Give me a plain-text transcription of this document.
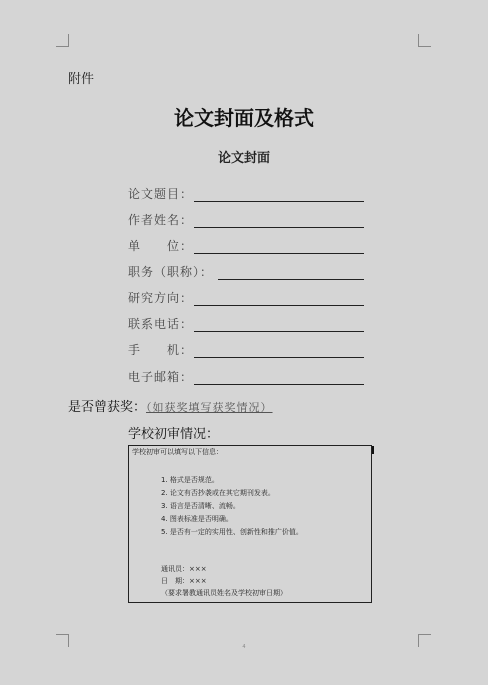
附件
论文封面及格式
论文封面
论文题目：
作者姓名：
单　　位：
职务（职称）：
研究方向：
联系电话：
手　　机：
电子邮箱：
是否曾获奖：（如获奖填写获奖情况）
学校初审情况：
学校初审可以填写以下信息：
1. 格式是否规范。
2. 论文有否抄袭或在其它期刊发表。
3. 语言是否清晰、流畅。
4. 图表标准是否明确。
5. 是否有一定的实用性、创新性和推广价值。
通讯员：×××
日　期：×××
（要求署教通讯员姓名及学校初审日期）
4
